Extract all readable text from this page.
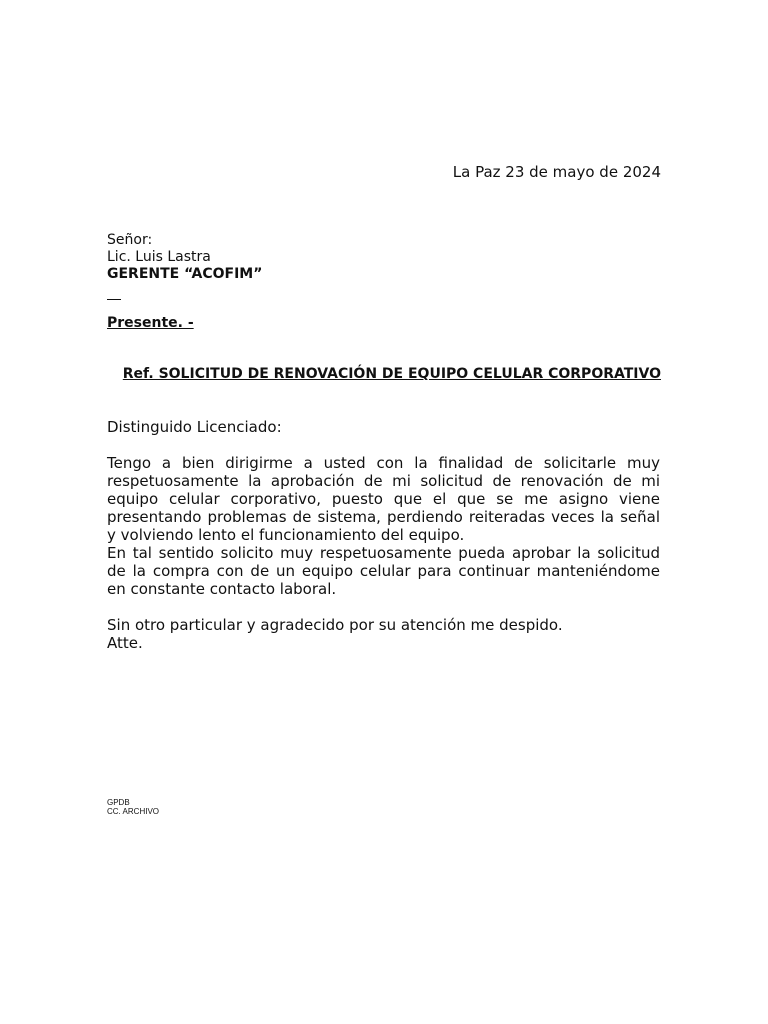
La Paz 23 de mayo de 2024
Señor:
Lic. Luis Lastra
GERENTE “ACOFIM”
Presente. -
Ref. SOLICITUD DE RENOVACIÓN DE EQUIPO CELULAR CORPORATIVO

Distinguido Licenciado:

Tengo a bien dirigirme a usted con la finalidad de solicitarle muy respetuosamente la aprobación de mi solicitud de renovación de mi equipo celular corporativo, puesto que el que se me asigno viene presentando problemas de sistema, perdiendo reiteradas veces la señal y volviendo lento el funcionamiento del equipo.

En tal sentido solicito muy respetuosamente pueda aprobar la solicitud de la compra con de un equipo celular para continuar manteniéndome en constante contacto laboral.

Sin otro particular y agradecido por su atención me despido.

Atte.

GPDB
CC. ARCHIVO
